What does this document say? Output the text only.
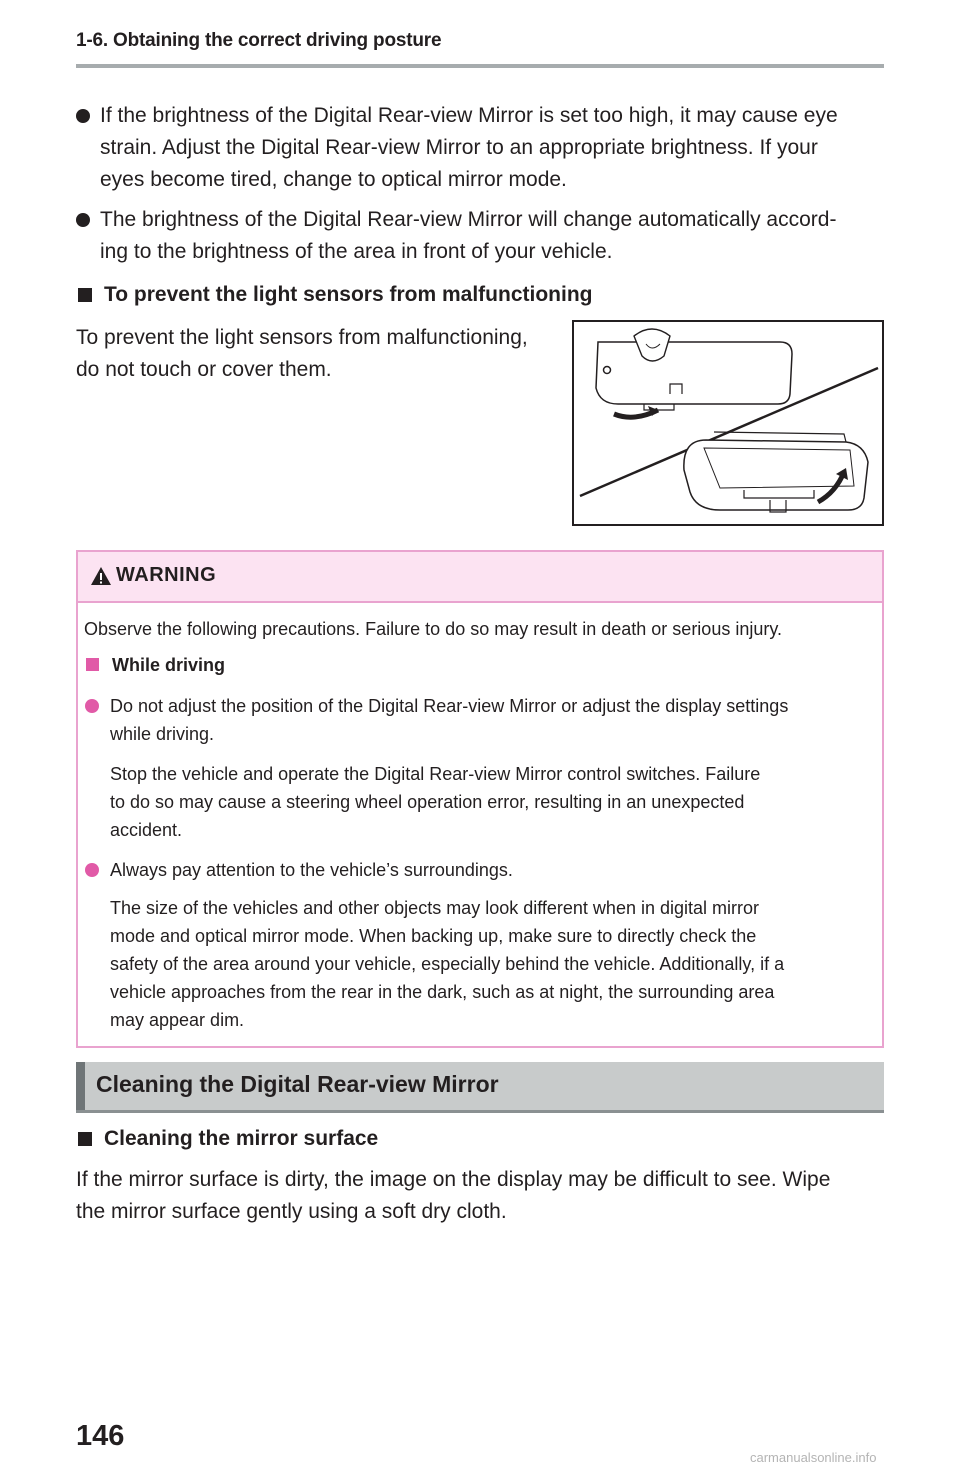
1-6. Obtaining the correct driving posture
If the brightness of the Digital Rear-view Mirror is set too high, it may cause eye
strain. Adjust the Digital Rear-view Mirror to an appropriate brightness. If your
eyes become tired, change to optical mirror mode.
The brightness of the Digital Rear-view Mirror will change automatically accord-
ing to the brightness of the area in front of your vehicle.
To prevent the light sensors from malfunctioning
To prevent the light sensors from malfunctioning,
do not touch or cover them.
WARNING
Observe the following precautions. Failure to do so may result in death or serious injury.
While driving
Do not adjust the position of the Digital Rear-view Mirror or adjust the display settings
while driving.
Stop the vehicle and operate the Digital Rear-view Mirror control switches. Failure
to do so may cause a steering wheel operation error, resulting in an unexpected
accident.
Always pay attention to the vehicle’s surroundings.
The size of the vehicles and other objects may look different when in digital mirror
mode and optical mirror mode. When backing up, make sure to directly check the
safety of the area around your vehicle, especially behind the vehicle. Additionally, if a
vehicle approaches from the rear in the dark, such as at night, the surrounding area
may appear dim.
Cleaning the Digital Rear-view Mirror
Cleaning the mirror surface
If the mirror surface is dirty, the image on the display may be difficult to see. Wipe
the mirror surface gently using a soft dry cloth.
146
carmanualsonline.info
